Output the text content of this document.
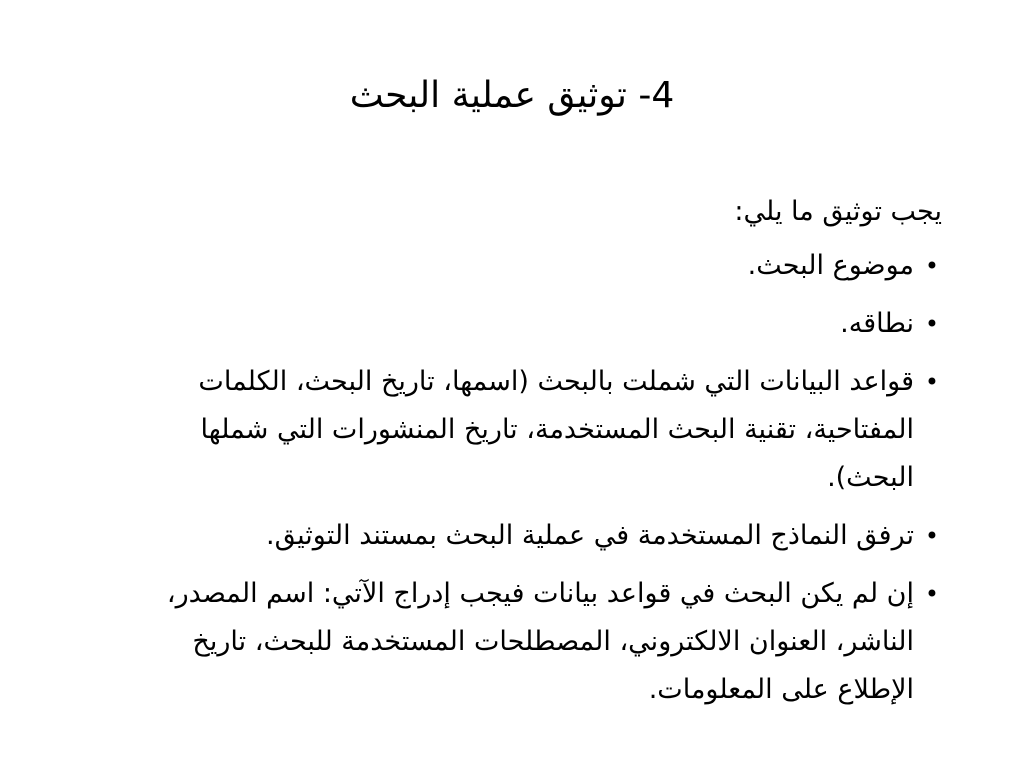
4- توثيق عملية البحث

يجب توثيق ما يلي:

•
موضوع البحث.
•
نطاقه.
•
قواعد البيانات التي شملت بالبحث (اسمها، تاريخ البحث، الكلمات المفتاحية، تقنية البحث المستخدمة، تاريخ المنشورات التي شملها البحث).
•
ترفق النماذج المستخدمة في عملية البحث بمستند التوثيق.
•
إن لم يكن البحث في قواعد بيانات فيجب إدراج الآتي: اسم المصدر، الناشر، العنوان الالكتروني، المصطلحات المستخدمة للبحث، تاريخ الإطلاع على المعلومات.
